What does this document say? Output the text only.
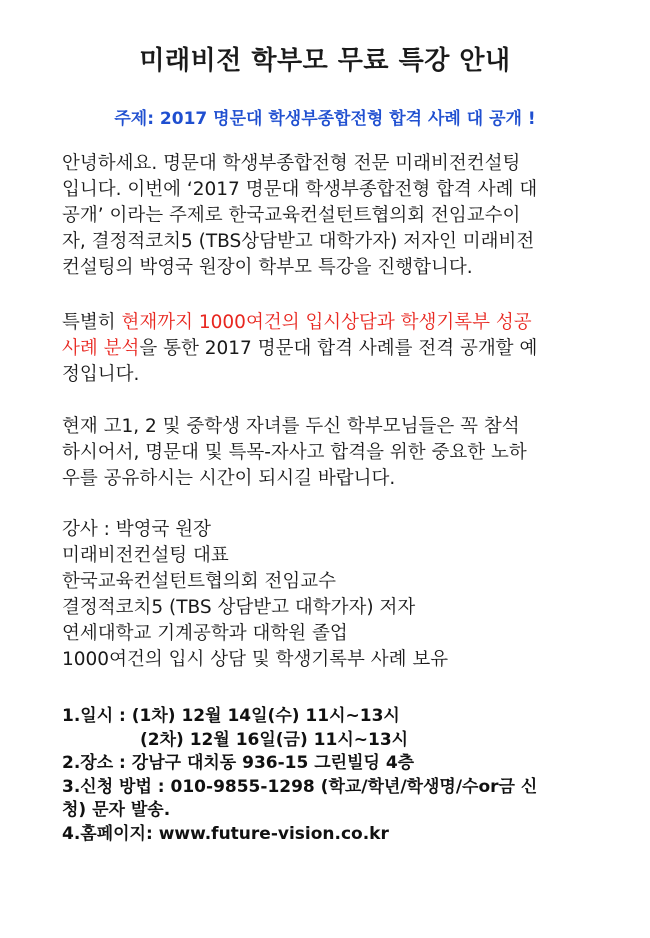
미래비전 학부모 무료 특강 안내
주제: 2017 명문대 학생부종합전형 합격 사례 대 공개 !
안녕하세요. 명문대 학생부종합전형 전문 미래비전컨설팅
입니다. 이번에 ‘2017 명문대 학생부종합전형 합격 사례 대
공개’ 이라는 주제로 한국교육컨설턴트협의회 전임교수이
자, 결정적코치5 (TBS상담받고 대학가자) 저자인 미래비전
컨설팅의 박영국 원장이 학부모 특강을 진행합니다.
특별히 현재까지 1000여건의 입시상담과 학생기록부 성공
사례 분석을 통한 2017 명문대 합격 사례를 전격 공개할 예
정입니다.
현재 고1, 2 및 중학생 자녀를 두신 학부모님들은 꼭 참석
하시어서, 명문대 및 특목-자사고 합격을 위한 중요한 노하
우를 공유하시는 시간이 되시길 바랍니다.
강사 : 박영국 원장
미래비전컨설팅 대표
한국교육컨설턴트협의회 전임교수
결정적코치5 (TBS 상담받고 대학가자) 저자
연세대학교 기계공학과 대학원 졸업
1000여건의 입시 상담 및 학생기록부 사례 보유
1.일시 : (1차) 12월 14일(수) 11시~13시
(2차) 12월 16일(금) 11시~13시
2.장소 : 강남구 대치동 936-15 그린빌딩 4층
3.신청 방법 : 010-9855-1298 (학교/학년/학생명/수or금 신
청) 문자 발송.
4.홈페이지: www.future-vision.co.kr
